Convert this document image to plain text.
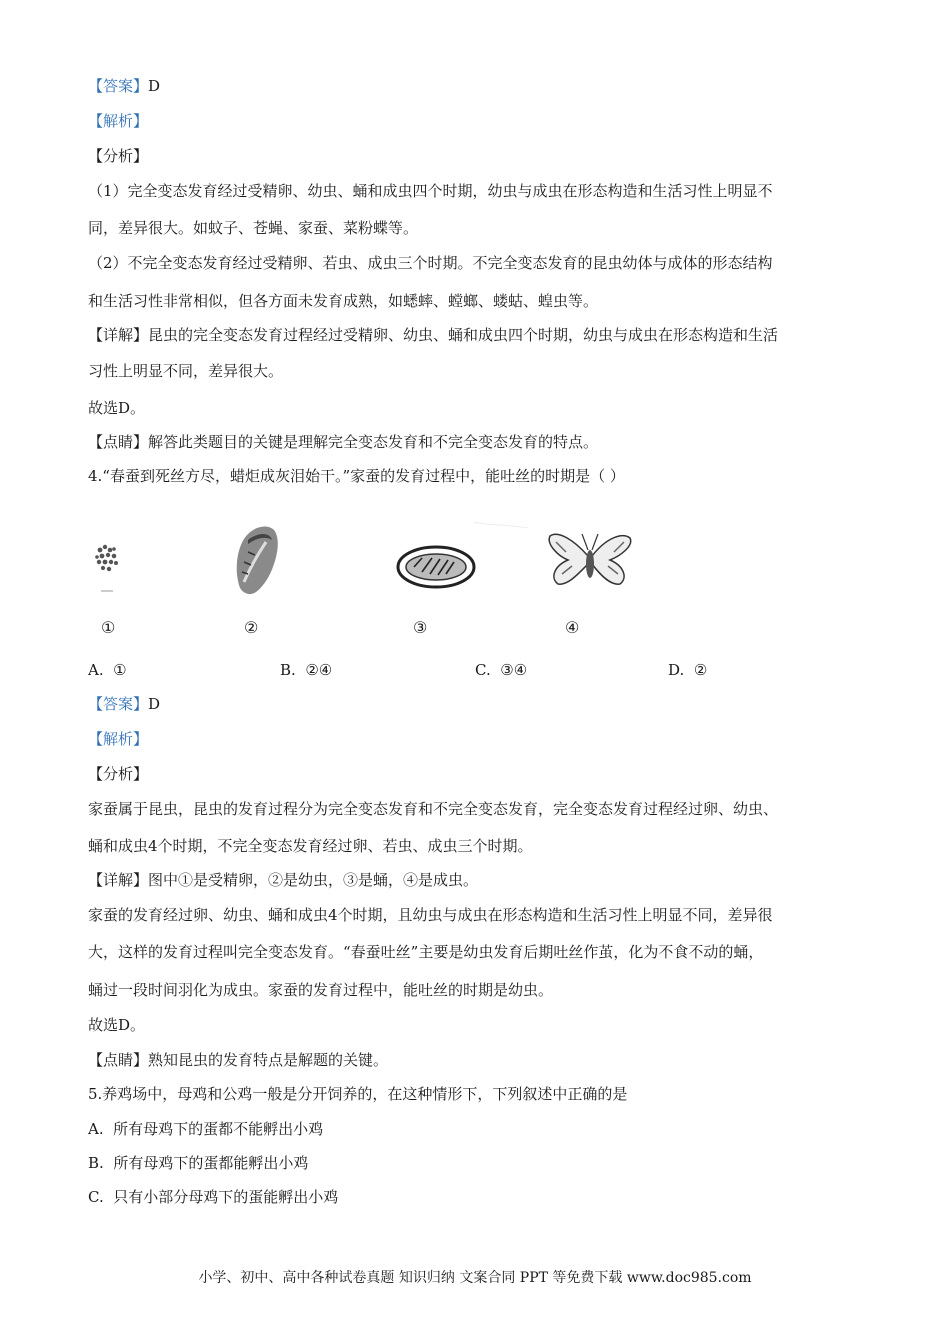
【答案】D
【解析】
【分析】
（1）完全变态发育经过受精卵、幼虫、蛹和成虫四个时期，幼虫与成虫在形态构造和生活习性上明显不
同，差异很大。如蚊子、苍蝇、家蚕、菜粉蝶等。
（2）不完全变态发育经过受精卵、若虫、成虫三个时期。不完全变态发育的昆虫幼体与成体的形态结构
和生活习性非常相似，但各方面未发育成熟，如蟋蟀、螳螂、蝼蛄、蝗虫等。
【详解】昆虫的完全变态发育过程经过受精卵、幼虫、蛹和成虫四个时期，幼虫与成虫在形态构造和生活
习性上明显不同，差异很大。
故选D。
【点睛】解答此类题目的关键是理解完全变态发育和不完全变态发育的特点。
4.“春蚕到死丝方尽，蜡炬成灰泪始干。”家蚕的发育过程中，能吐丝的时期是（ ）
①	②	③	④
A. ①	B. ②④	C. ③④	D. ②
【答案】D
【解析】
【分析】
家蚕属于昆虫，昆虫的发育过程分为完全变态发育和不完全变态发育，完全变态发育过程经过卵、幼虫、
蛹和成虫4个时期，不完全变态发育经过卵、若虫、成虫三个时期。
【详解】图中①是受精卵，②是幼虫，③是蛹，④是成虫。
家蚕的发育经过卵、幼虫、蛹和成虫4个时期，且幼虫与成虫在形态构造和生活习性上明显不同，差异很
大，这样的发育过程叫完全变态发育。“春蚕吐丝”主要是幼虫发育后期吐丝作茧，化为不食不动的蛹，
蛹过一段时间羽化为成虫。家蚕的发育过程中，能吐丝的时期是幼虫。
故选D。
【点睛】熟知昆虫的发育特点是解题的关键。
5.养鸡场中，母鸡和公鸡一般是分开饲养的，在这种情形下，下列叙述中正确的是
A. 所有母鸡下的蛋都不能孵出小鸡
B. 所有母鸡下的蛋都能孵出小鸡
C. 只有小部分母鸡下的蛋能孵出小鸡
小学、初中、高中各种试卷真题 知识归纳 文案合同 PPT 等免费下载 www.doc985.com
